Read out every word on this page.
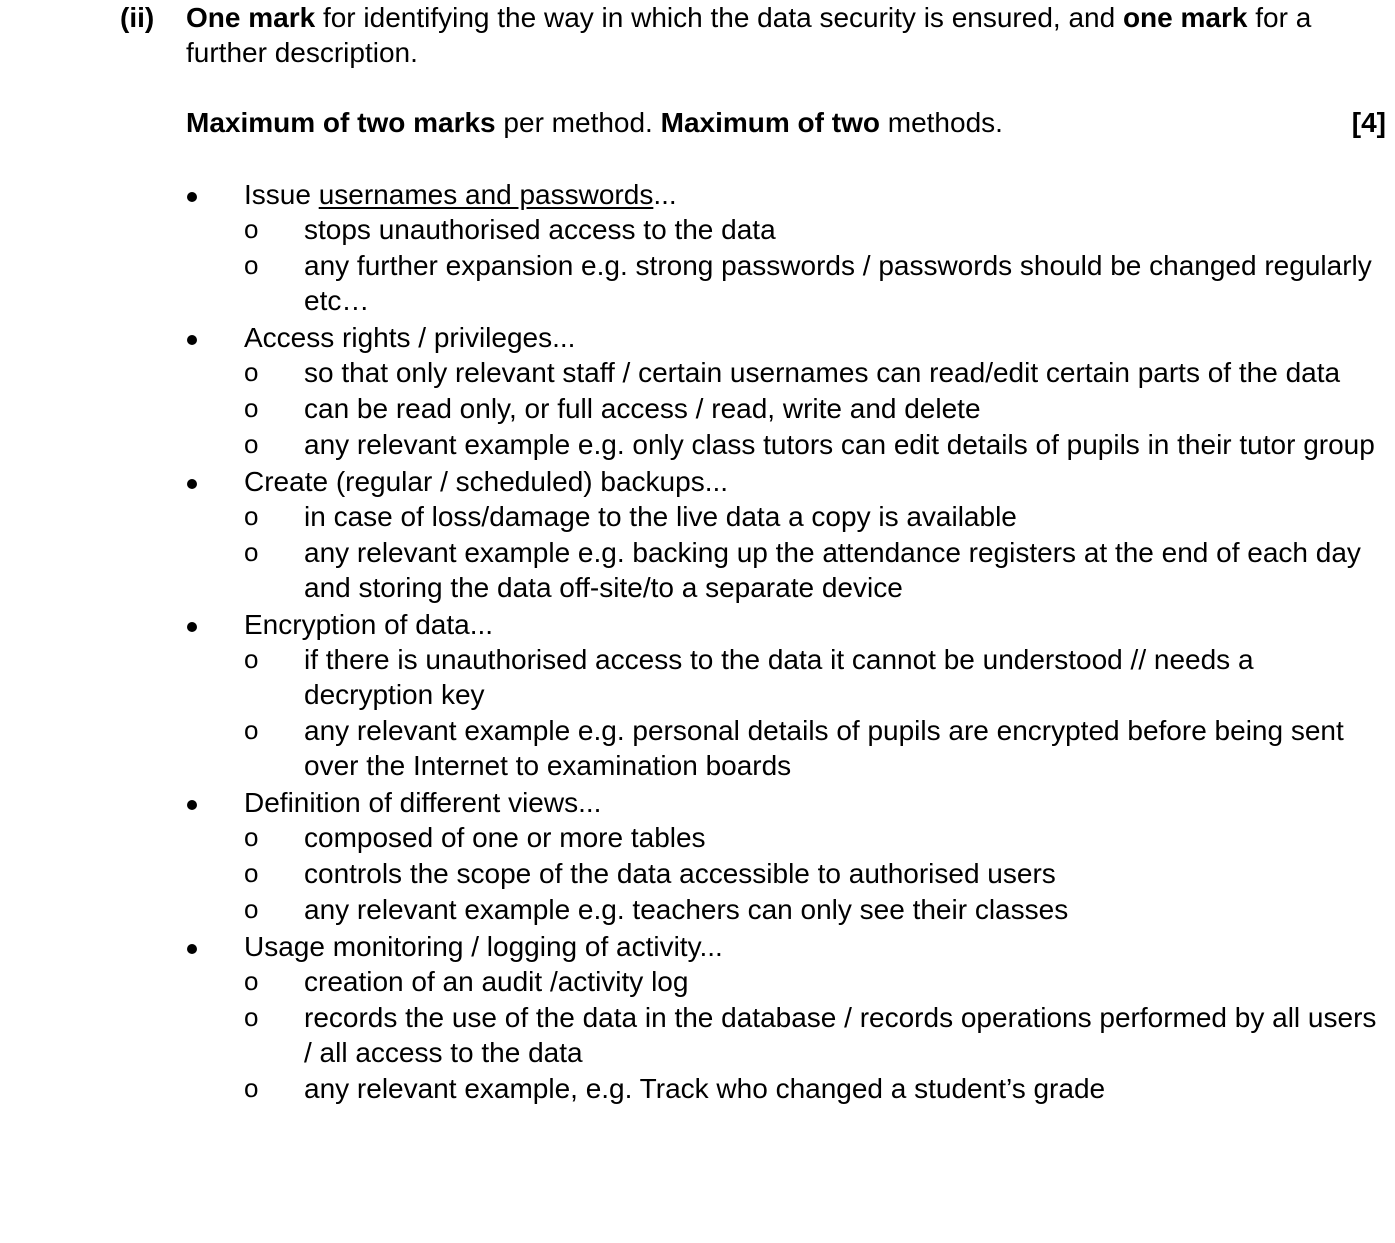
(ii) One mark for identifying the way in which the data security is ensured, and one mark for a further description.
Maximum of two marks per method. Maximum of two methods.	[4]
Issue usernames and passwords...
o stops unauthorised access to the data
o any further expansion e.g. strong passwords / passwords should be changed regularly etc…
Access rights / privileges...
o so that only relevant staff / certain usernames can read/edit certain parts of the data
o can be read only, or full access / read, write and delete
o any relevant example e.g. only class tutors can edit details of pupils in their tutor group
Create (regular / scheduled) backups...
o in case of loss/damage to the live data a copy is available
o any relevant example e.g. backing up the attendance registers at the end of each day and storing the data off-site/to a separate device
Encryption of data...
o if there is unauthorised access to the data it cannot be understood // needs a decryption key
o any relevant example e.g. personal details of pupils are encrypted before being sent over the Internet to examination boards
Definition of different views...
o composed of one or more tables
o controls the scope of the data accessible to authorised users
o any relevant example e.g. teachers can only see their classes
Usage monitoring / logging of activity...
o creation of an audit /activity log
o records the use of the data in the database / records operations performed by all users / all access to the data
o any relevant example, e.g. Track who changed a student’s grade
